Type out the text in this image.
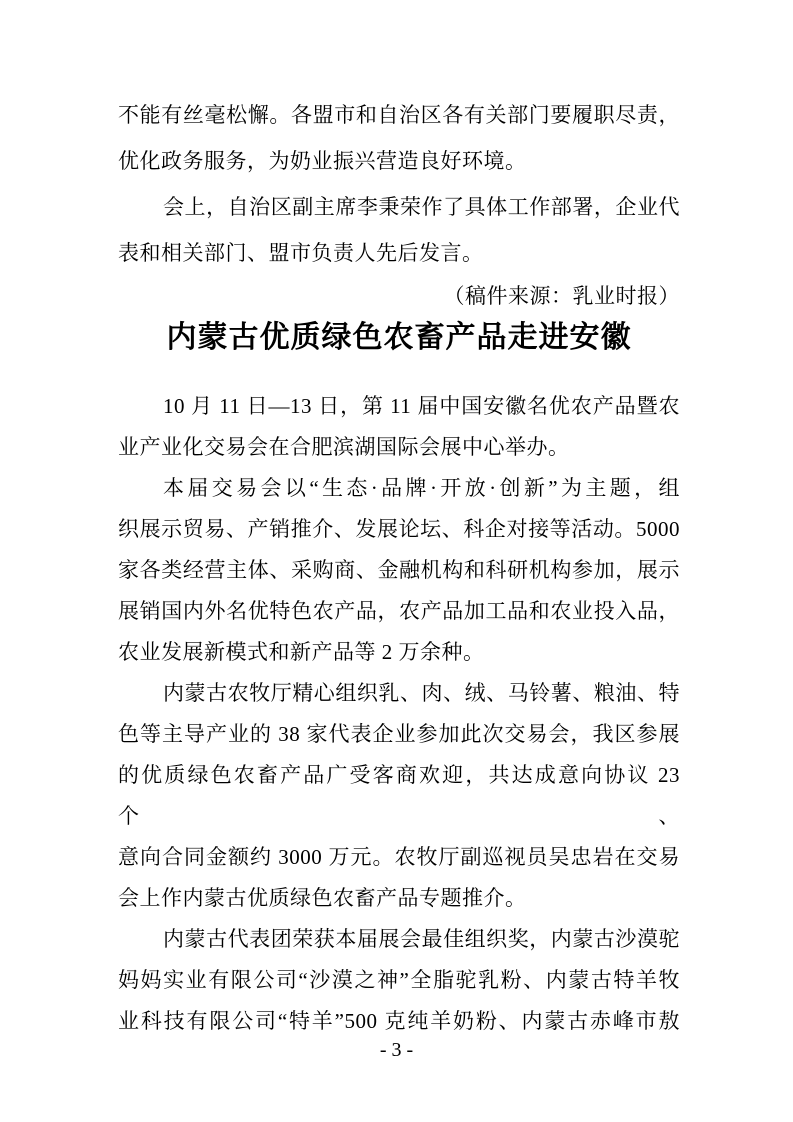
不能有丝毫松懈。各盟市和自治区各有关部门要履职尽责，
优化政务服务，为奶业振兴营造良好环境。
会上，自治区副主席李秉荣作了具体工作部署，企业代
表和相关部门、盟市负责人先后发言。
（稿件来源：乳业时报）
内蒙古优质绿色农畜产品走进安徽
10 月 11 日—13 日，第 11 届中国安徽名优农产品暨农
业产业化交易会在合肥滨湖国际会展中心举办。
本届交易会以“生态·品牌·开放·创新”为主题，组
织展示贸易、产销推介、发展论坛、科企对接等活动。5000
家各类经营主体、采购商、金融机构和科研机构参加，展示
展销国内外名优特色农产品，农产品加工品和农业投入品，
农业发展新模式和新产品等 2 万余种。
内蒙古农牧厅精心组织乳、肉、绒、马铃薯、粮油、特
色等主导产业的 38 家代表企业参加此次交易会，我区参展
的优质绿色农畜产品广受客商欢迎，共达成意向协议 23 个、
意向合同金额约 3000 万元。农牧厅副巡视员吴忠岩在交易
会上作内蒙古优质绿色农畜产品专题推介。
内蒙古代表团荣获本届展会最佳组织奖，内蒙古沙漠驼
妈妈实业有限公司“沙漠之神”全脂驼乳粉、内蒙古特羊牧
业科技有限公司“特羊”500 克纯羊奶粉、内蒙古赤峰市敖
- 3 -
